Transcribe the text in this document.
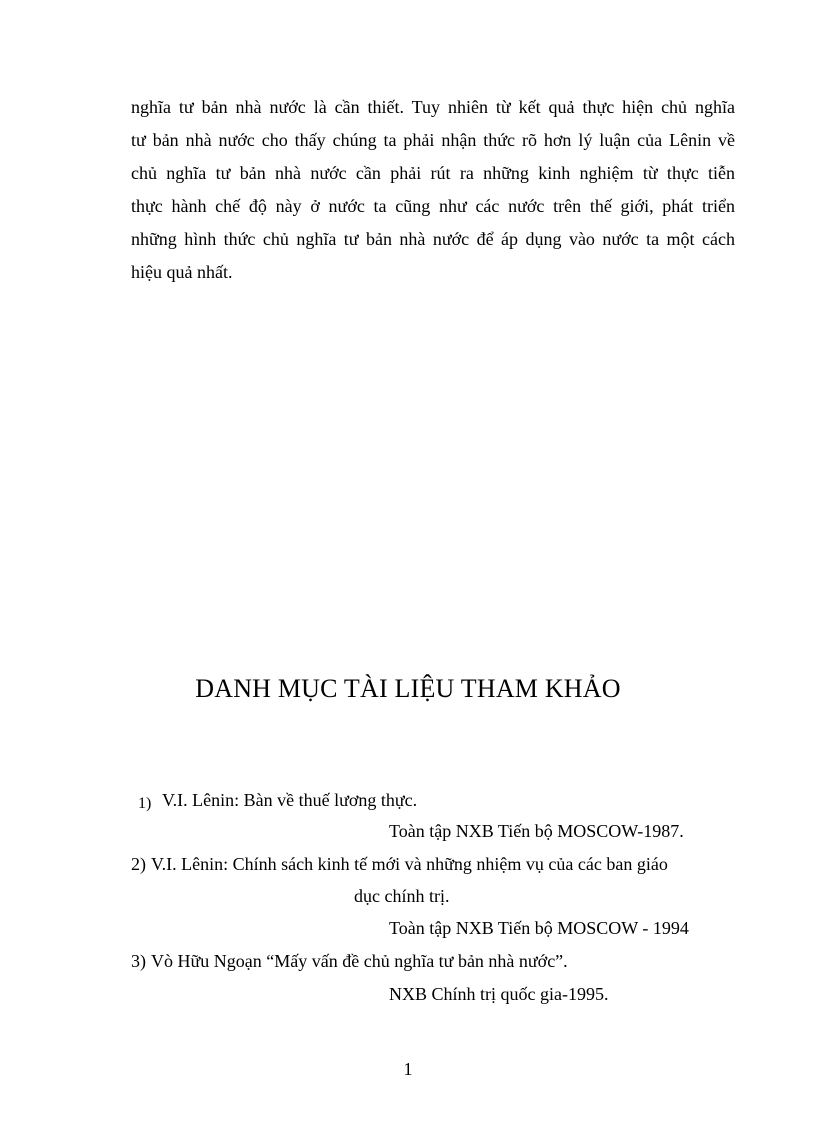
nghĩa tư bản nhà nước là cần thiết. Tuy nhiên từ kết quả thực hiện chủ nghĩa
tư bản nhà nước cho thấy chúng ta phải nhận thức rõ hơn lý luận của Lênin về
chủ nghĩa tư bản nhà nước cần phải rút ra những kinh nghiệm từ thực tiễn
thực hành chế độ này ở nước ta cũng như các nước trên thế giới, phát triển
những hình thức chủ nghĩa tư bản nhà nước để áp dụng vào nước ta một cách
hiệu quả nhất.
DANH MỤC TÀI LIỆU THAM KHẢO
1) V.I. Lênin: Bàn về thuế lương thực.
Toàn tập NXB Tiến bộ MOSCOW-1987.
2) V.I. Lênin: Chính sách kinh tế mới và những nhiệm vụ của các ban giáo
dục chính trị.
Toàn tập NXB Tiến bộ MOSCOW - 1994
3) Vò Hữu Ngoạn “Mấy vấn đề chủ nghĩa tư bản nhà nước”.
NXB Chính trị quốc gia-1995.
1
